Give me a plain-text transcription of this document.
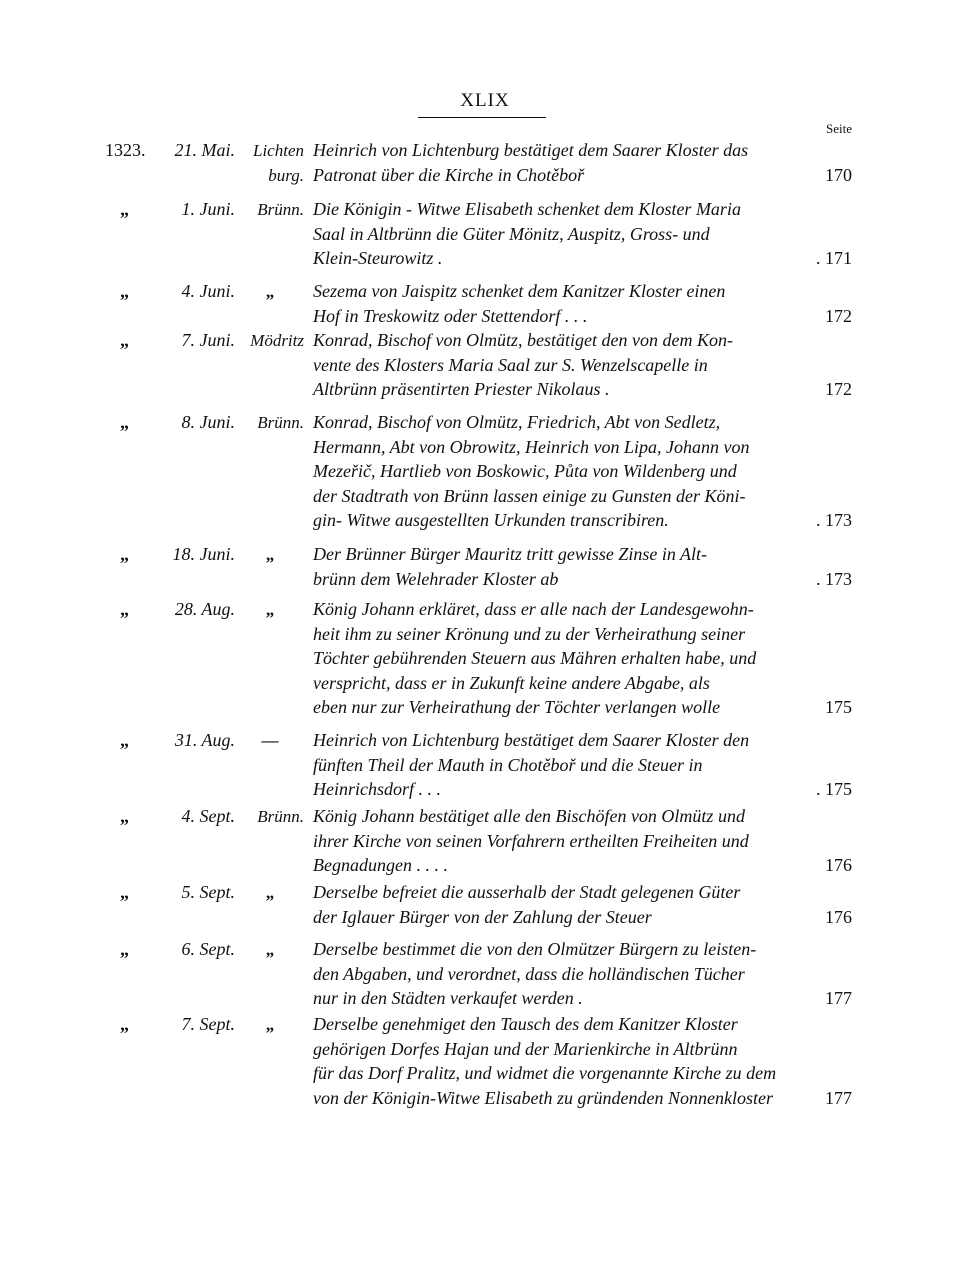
XLIX
Seite
1323. 21. Mai.	Lichten
burg.
Heinrich von Lichtenburg bestätiget dem Saarer Kloster das
Patronat über die Kirche in Chotěboř	170
„	1. Juni.	Brünn. Die Königin - Witwe Elisabeth schenket dem Kloster Maria
Saal in Altbrünn die Güter Mönitz, Auspitz, Gross- und
Klein-Steurowitz .	. 171
„	4. Juni.	„	Sezema von Jaispitz schenket dem Kanitzer Kloster einen
Hof in Treskowitz oder Stettendorf . . .	172
„	7. Juni. Mödritz Konrad, Bischof von Olmütz, bestätiget den von dem Kon-
vente des Klosters Maria Saal zur S. Wenzelscapelle in
Altbrünn präsentirten Priester Nikolaus .	172
„	8. Juni.	Brünn. Konrad, Bischof von Olmütz, Friedrich, Abt von Sedletz,
Hermann, Abt von Obrowitz, Heinrich von Lipa, Johann von
Mezeřič, Hartlieb von Boskowic, Půta von Wildenberg und
der Stadtrath von Brünn lassen einige zu Gunsten der Köni-
gin- Witwe ausgestellten Urkunden transcribiren.	. 173
„ 18. Juni.	„	Der Brünner Bürger Mauritz tritt gewisse Zinse in Alt-
brünn dem Welehrader Kloster ab	. 173
„	28. Aug.	„	König Johann erkläret, dass er alle nach der Landesgewohn-
heit ihm zu seiner Krönung und zu der Verheirathung seiner
Töchter gebührenden Steuern aus Mähren erhalten habe, und
verspricht, dass er in Zukunft keine andere Abgabe, als
eben nur zur Verheirathung der Töchter verlangen wolle	175
„	31. Aug.	—	Heinrich von Lichtenburg bestätiget dem Saarer Kloster den
fünften Theil der Mauth in Chotěboř und die Steuer in
Heinrichsdorf . . .	. 175
„	4. Sept.	Brünn. König Johann bestätiget alle den Bischöfen von Olmütz und
ihrer Kirche von seinen Vorfahrern ertheilten Freiheiten und
Begnadungen . . . .	176
„	5. Sept.	„	Derselbe befreiet die ausserhalb der Stadt gelegenen Güter
der Iglauer Bürger von der Zahlung der Steuer	176
„	6. Sept.	„	Derselbe bestimmet die von den Olmützer Bürgern zu leisten-
den Abgaben, und verordnet, dass die holländischen Tücher
nur in den Städten verkaufet werden .	177
„	7. Sept.	„	Derselbe genehmiget den Tausch des dem Kanitzer Kloster
gehörigen Dorfes Hajan und der Marienkirche in Altbrünn
für das Dorf Pralitz, und widmet die vorgenannte Kirche zu dem
von der Königin-Witwe Elisabeth zu gründenden Nonnenkloster	177
